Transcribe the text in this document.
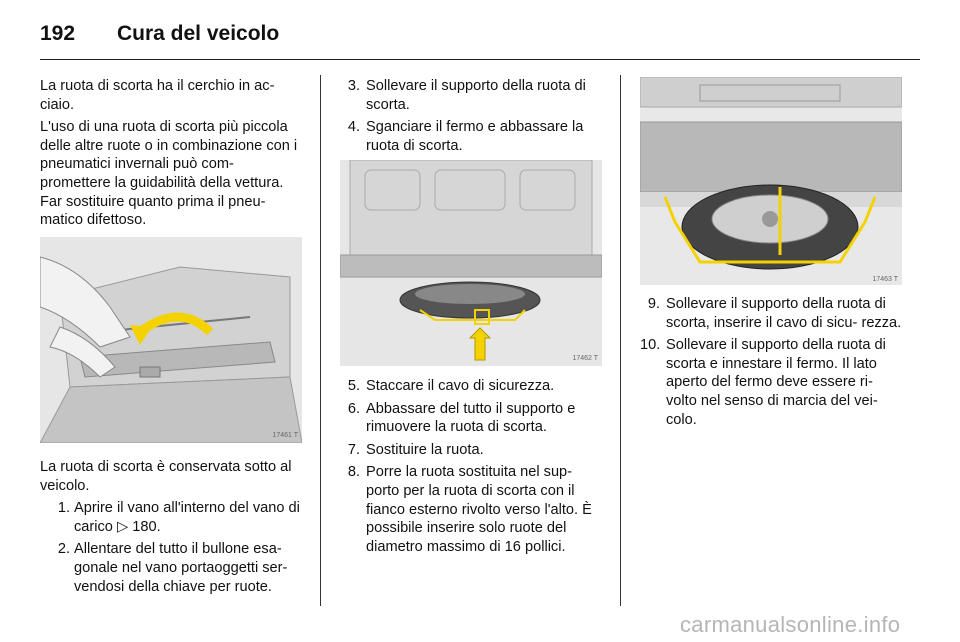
192 Cura del veicolo

La ruota di scorta ha il cerchio in ac- ciaio.

L'uso di una ruota di scorta più piccola delle altre ruote o in combinazione con i pneumatici invernali può com- promettere la guidabilità della vettura. Far sostituire quanto prima il pneu- matico difettoso.

17461 T

La ruota di scorta è conservata sotto al veicolo.

1. Aprire il vano all'interno del vano di carico ▷ 180.
2. Allentare del tutto il bullone esa- gonale nel vano portaoggetti ser- vendosi della chiave per ruote.
3. Sollevare il supporto della ruota di scorta.
4. Sganciare il fermo e abbassare la ruota di scorta.
17462 T
5. Staccare il cavo di sicurezza.
6. Abbassare del tutto il supporto e rimuovere la ruota di scorta.
7. Sostituire la ruota.
8. Porre la ruota sostituita nel sup- porto per la ruota di scorta con il fianco esterno rivolto verso l'alto. È possibile inserire solo ruote del diametro massimo di 16 pollici.
17463 T
9. Sollevare il supporto della ruota di scorta, inserire il cavo di sicu- rezza.
10. Sollevare il supporto della ruota di scorta e innestare il fermo. Il lato aperto del fermo deve essere ri- volto nel senso di marcia del vei- colo.
carmanualsonline.info
